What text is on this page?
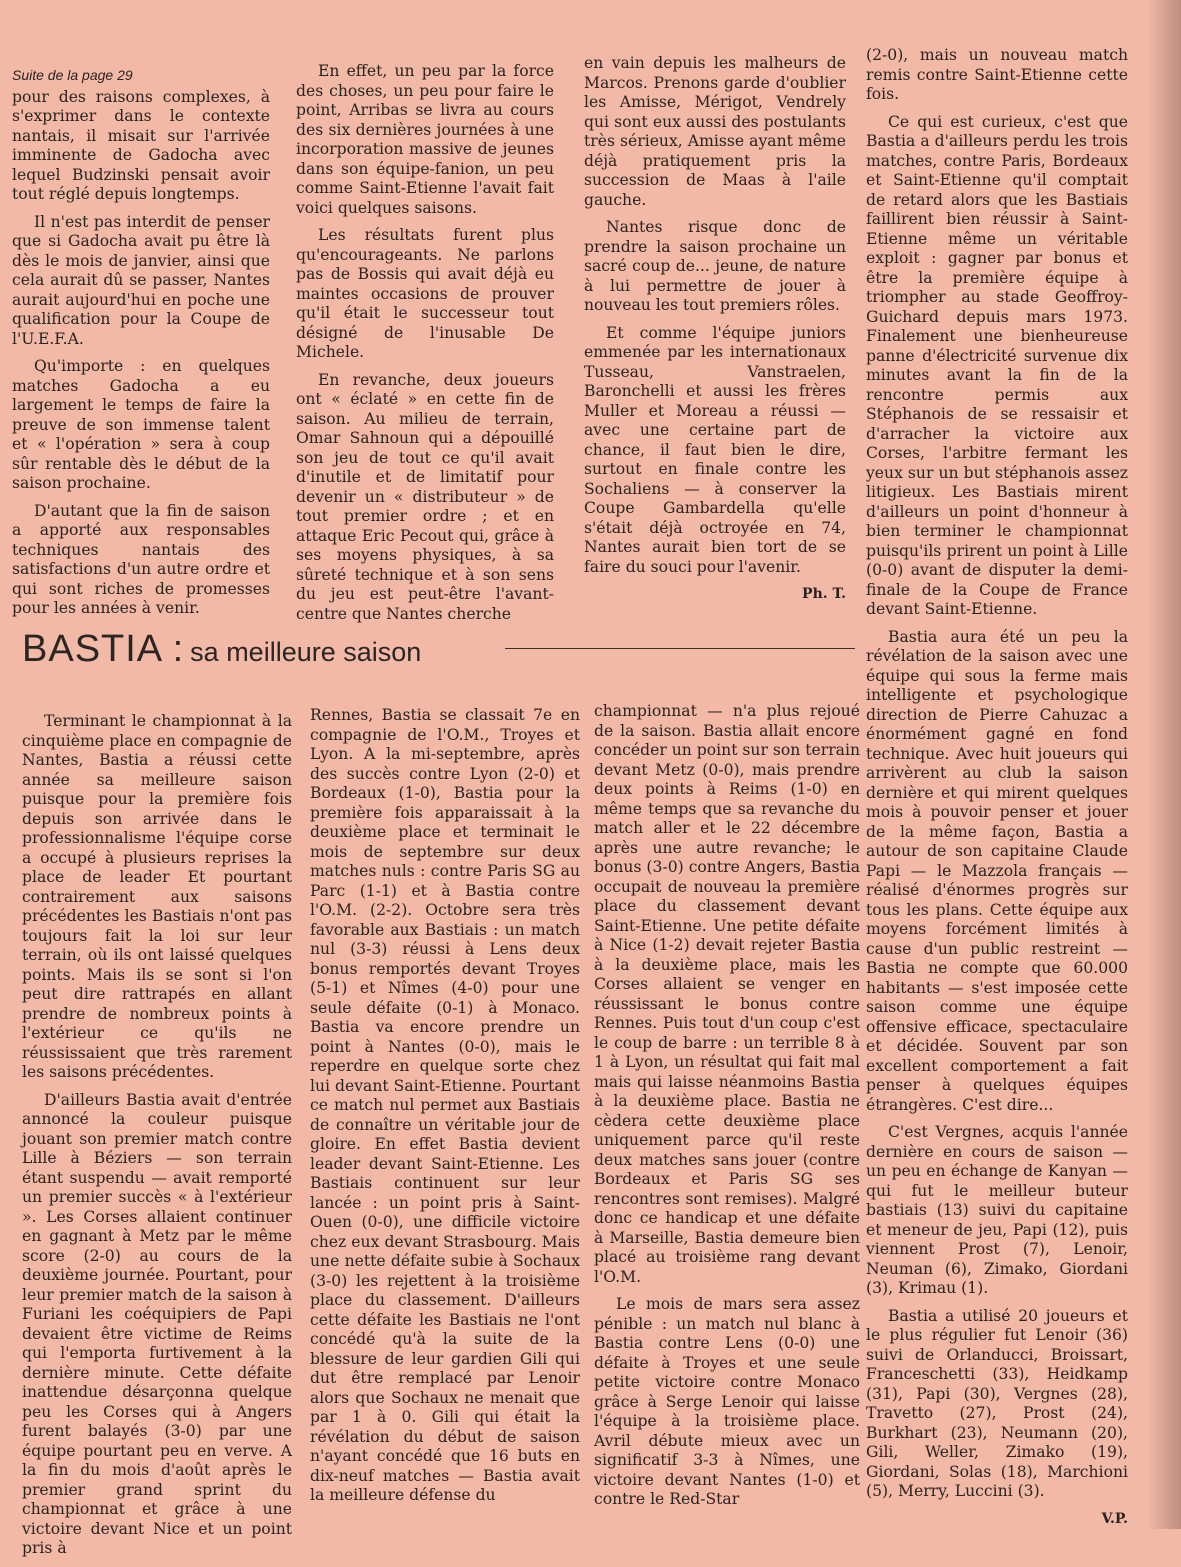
Suite de la page 29

pour des raisons complexes, à s'exprimer dans le contexte nantais, il misait sur l'arrivée imminente de Gadocha avec lequel Budzinski pensait avoir tout réglé depuis longtemps.

Il n'est pas interdit de penser que si Gadocha avait pu être là dès le mois de janvier, ainsi que cela aurait dû se passer, Nantes aurait aujourd'hui en poche une qualification pour la Coupe de l'U.E.F.A.

Qu'importe : en quelques matches Gadocha a eu largement le temps de faire la preuve de son immense talent et « l'opération » sera à coup sûr rentable dès le début de la saison prochaine.

D'autant que la fin de saison a apporté aux responsables techniques nantais des satisfactions d'un autre ordre et qui sont riches de promesses pour les années à venir.

En effet, un peu par la force des choses, un peu pour faire le point, Arribas se livra au cours des six dernières journées à une incorporation massive de jeunes dans son équipe-fanion, un peu comme Saint-Etienne l'avait fait voici quelques saisons.

Les résultats furent plus qu'encourageants. Ne parlons pas de Bossis qui avait déjà eu maintes occasions de prouver qu'il était le successeur tout désigné de l'inusable De Michele.

En revanche, deux joueurs ont « éclaté » en cette fin de saison. Au milieu de terrain, Omar Sahnoun qui a dépouillé son jeu de tout ce qu'il avait d'inutile et de limitatif pour devenir un « distributeur » de tout premier ordre ; et en attaque Eric Pecout qui, grâce à ses moyens physiques, à sa sûreté technique et à son sens du jeu est peut-être l'avant-centre que Nantes cherche

en vain depuis les malheurs de Marcos. Prenons garde d'oublier les Amisse, Mérigot, Vendrely qui sont eux aussi des postulants très sérieux, Amisse ayant même déjà pratiquement pris la succession de Maas à l'aile gauche.

Nantes risque donc de prendre la saison prochaine un sacré coup de... jeune, de nature à lui permettre de jouer à nouveau les tout premiers rôles.

Et comme l'équipe juniors emmenée par les internationaux Tusseau, Vanstraelen, Baronchelli et aussi les frères Muller et Moreau a réussi — avec une certaine part de chance, il faut bien le dire, surtout en finale contre les Sochaliens — à conserver la Coupe Gambardella qu'elle s'était déjà octroyée en 74, Nantes aurait bien tort de se faire du souci pour l'avenir.

Ph. T.

BASTIA : sa meilleure saison

(2-0), mais un nouveau match remis contre Saint-Etienne cette fois.

Ce qui est curieux, c'est que Bastia a d'ailleurs perdu les trois matches, contre Paris, Bordeaux et Saint-Etienne qu'il comptait de retard alors que les Bastiais faillirent bien réussir à Saint-Etienne même un véritable exploit : gagner par bonus et être la première équipe à triompher au stade Geoffroy-Guichard depuis mars 1973. Finalement une bienheureuse panne d'électricité survenue dix minutes avant la fin de la rencontre permis aux Stéphanois de se ressaisir et d'arracher la victoire aux Corses, l'arbitre fermant les yeux sur un but stéphanois assez litigieux. Les Bastiais mirent d'ailleurs un point d'honneur à bien terminer le championnat puisqu'ils prirent un point à Lille (0-0) avant de disputer la demi-finale de la Coupe de France devant Saint-Etienne.

Bastia aura été un peu la révélation de la saison avec une équipe qui sous la ferme mais intelligente et psychologique direction de Pierre Cahuzac a énormément gagné en fond technique. Avec huit joueurs qui arrivèrent au club la saison dernière et qui mirent quelques mois à pouvoir penser et jouer de la même façon, Bastia a autour de son capitaine Claude Papi — le Mazzola français — réalisé d'énormes progrès sur tous les plans. Cette équipe aux moyens forcément limités à cause d'un public restreint — Bastia ne compte que 60.000 habitants — s'est imposée cette saison comme une équipe offensive efficace, spectaculaire et décidée. Souvent par son excellent comportement a fait penser à quelques équipes étrangères. C'est dire...

C'est Vergnes, acquis l'année dernière en cours de saison — un peu en échange de Kanyan — qui fut le meilleur buteur bastiais (13) suivi du capitaine et meneur de jeu, Papi (12), puis viennent Prost (7), Lenoir, Neuman (6), Zimako, Giordani (3), Krimau (1).

Bastia a utilisé 20 joueurs et le plus régulier fut Lenoir (36) suivi de Orlanducci, Broissart, Franceschetti (33), Heidkamp (31), Papi (30), Vergnes (28), Travetto (27), Prost (24), Burkhart (23), Neumann (20), Gili, Weller, Zimako (19), Giordani, Solas (18), Marchioni (5), Merry, Luccini (3).

V.P.

Terminant le championnat à la cinquième place en compagnie de Nantes, Bastia a réussi cette année sa meilleure saison puisque pour la première fois depuis son arrivée dans le professionnalisme l'équipe corse a occupé à plusieurs reprises la place de leader Et pourtant contrairement aux saisons précédentes les Bastiais n'ont pas toujours fait la loi sur leur terrain, où ils ont laissé quelques points. Mais ils se sont si l'on peut dire rattrapés en allant prendre de nombreux points à l'extérieur ce qu'ils ne réussissaient que très rarement les saisons précédentes.

D'ailleurs Bastia avait d'entrée annoncé la couleur puisque jouant son premier match contre Lille à Béziers — son terrain étant suspendu — avait remporté un premier succès « à l'extérieur ». Les Corses allaient continuer en gagnant à Metz par le même score (2-0) au cours de la deuxième journée. Pourtant, pour leur premier match de la saison à Furiani les coéquipiers de Papi devaient être victime de Reims qui l'emporta furtivement à la dernière minute. Cette défaite inattendue désarçonna quelque peu les Corses qui à Angers furent balayés (3-0) par une équipe pourtant peu en verve. A la fin du mois d'août après le premier grand sprint du championnat et grâce à une victoire devant Nice et un point pris à

Rennes, Bastia se classait 7e en compagnie de l'O.M., Troyes et Lyon. A la mi-septembre, après des succès contre Lyon (2-0) et Bordeaux (1-0), Bastia pour la première fois apparaissait à la deuxième place et terminait le mois de septembre sur deux matches nuls : contre Paris SG au Parc (1-1) et à Bastia contre l'O.M. (2-2). Octobre sera très favorable aux Bastiais : un match nul (3-3) réussi à Lens deux bonus remportés devant Troyes (5-1) et Nîmes (4-0) pour une seule défaite (0-1) à Monaco. Bastia va encore prendre un point à Nantes (0-0), mais le reperdre en quelque sorte chez lui devant Saint-Etienne. Pourtant ce match nul permet aux Bastiais de connaître un véritable jour de gloire. En effet Bastia devient leader devant Saint-Etienne. Les Bastiais continuent sur leur lancée : un point pris à Saint-Ouen (0-0), une difficile victoire chez eux devant Strasbourg. Mais une nette défaite subie à Sochaux (3-0) les rejettent à la troisième place du classement. D'ailleurs cette défaite les Bastiais ne l'ont concédé qu'à la suite de la blessure de leur gardien Gili qui dut être remplacé par Lenoir alors que Sochaux ne menait que par 1 à 0. Gili qui était la révélation du début de saison n'ayant concédé que 16 buts en dix-neuf matches — Bastia avait la meilleure défense du

championnat — n'a plus rejoué de la saison. Bastia allait encore concéder un point sur son terrain devant Metz (0-0), mais prendre deux points à Reims (1-0) en même temps que sa revanche du match aller et le 22 décembre après une autre revanche; le bonus (3-0) contre Angers, Bastia occupait de nouveau la première place du classement devant Saint-Etienne. Une petite défaite à Nice (1-2) devait rejeter Bastia à la deuxième place, mais les Corses allaient se venger en réussissant le bonus contre Rennes. Puis tout d'un coup c'est le coup de barre : un terrible 8 à 1 à Lyon, un résultat qui fait mal mais qui laisse néanmoins Bastia à la deuxième place. Bastia ne cèdera cette deuxième place uniquement parce qu'il reste deux matches sans jouer (contre Bordeaux et Paris SG ses rencontres sont remises). Malgré donc ce handicap et une défaite à Marseille, Bastia demeure bien placé au troisième rang devant l'O.M.

Le mois de mars sera assez pénible : un match nul blanc à Bastia contre Lens (0-0) une défaite à Troyes et une seule petite victoire contre Monaco grâce à Serge Lenoir qui laisse l'équipe à la troisième place. Avril débute mieux avec un significatif 3-3 à Nîmes, une victoire devant Nantes (1-0) et contre le Red-Star
